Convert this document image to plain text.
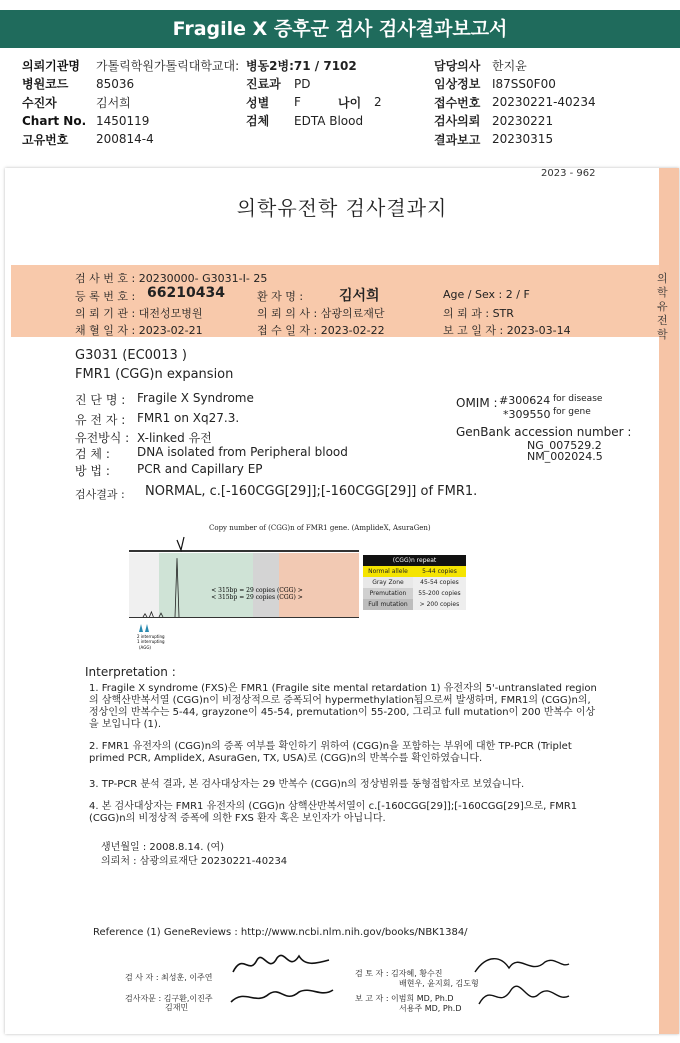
Fragile X 증후군 검사 검사결과보고서
의뢰기관명	가톨릭학원가톨릭대학교대: 병동2병:71 / 7102	담당의사 한지윤
병원코드	85036	진료과	PD	임상정보 I87SS0F00
수진자	김서희	성별	F	나이	2	접수번호 20230221-40234
Chart No. 1450119	검체	EDTA Blood	검사의뢰 20230221
고유번호	200814-4	결과보고 20230315
2023 - 962
의학유전학 검사결과지
의학유전학
검 사 번 호 : 20230000- G3031-I- 25
등 록 번 호 : 66210434	환 자 명 :	김서희	Age / Sex : 2 / F
의 뢰 기 관 : 대전성모병원	의 뢰 의 사 : 삼광의료재단	의 뢰 과 : STR
채 혈 일 자 : 2023-02-21	접 수 일 자 : 2023-02-22	보 고 일 자 : 2023-03-14
G3031 (EC0013 )
FMR1 (CGG)n expansion
진 단 명 : Fragile X Syndrome
유 전 자 : FMR1 on Xq27.3.
유전방식 : X-linked 유전
검 체 : DNA isolated from Peripheral blood
방 법 : PCR and Capillary EP
OMIM : #300624 for disease
*309550 for gene
GenBank accession number :
NG_007529.2
NM_002024.5
검사결과 : NORMAL, c.[-160CGG[29]];[-160CGG[29]] of FMR1.
Copy number of (CGG)n of FMR1 gene. (AmplideX, AsuraGen)
< 315bp = 29 copies (CGG) >
< 315bp = 29 copies (CGG) >
2 interrupting
1 interrupting
(AGG)
(CGG)n repeat	
Normal allele	5-44 copies
Gray Zone	45-54 copies
Premutation	55-200 copies
Full mutation	> 200 copies
Interpretation :
1. Fragile X syndrome (FXS)은 FMR1 (Fragile site mental retardation 1) 유전자의 5'-untranslated region의 삼핵산반복서열 (CGG)n이 비정상적으로 증폭되어 hypermethylation됨으로써 발생하며, FMR1의 (CGG)n의, 정상인의 반복수는 5-44, grayzone이 45-54, premutation이 55-200, 그리고 full mutation이 200 반복수 이상을 보입니다 (1).
2. FMR1 유전자의 (CGG)n의 증폭 여부를 확인하기 위하여 (CGG)n을 포함하는 부위에 대한 TP-PCR (Triplet primed PCR, AmplideX, AsuraGen, TX, USA)로 (CGG)n의 반복수를 확인하였습니다.
3. TP-PCR 분석 결과, 본 검사대상자는 29 반복수 (CGG)n의 정상범위를 동형접합자로 보였습니다.
4. 본 검사대상자는 FMR1 유전자의 (CGG)n 삼핵산반복서열이 c.[-160CGG[29]];[-160CGG[29]으로, FMR1 (CGG)n의 비정상적 증폭에 의한 FXS 환자 혹은 보인자가 아닙니다.
생년월일 : 2008.8.14. (여)
의뢰처 : 삼광의료재단 20230221-40234
Reference (1) GeneReviews : http://www.ncbi.nlm.nih.gov/books/NBK1384/
검 사 자 : 최성훈, 이주연
검사자문 : 김구환,이진주
김재민
검 토 자 : 김자혜, 황수진
배현우, 윤지회, 김도형
보 고 자 : 이범희 MD, Ph.D
서용주 MD, Ph.D
